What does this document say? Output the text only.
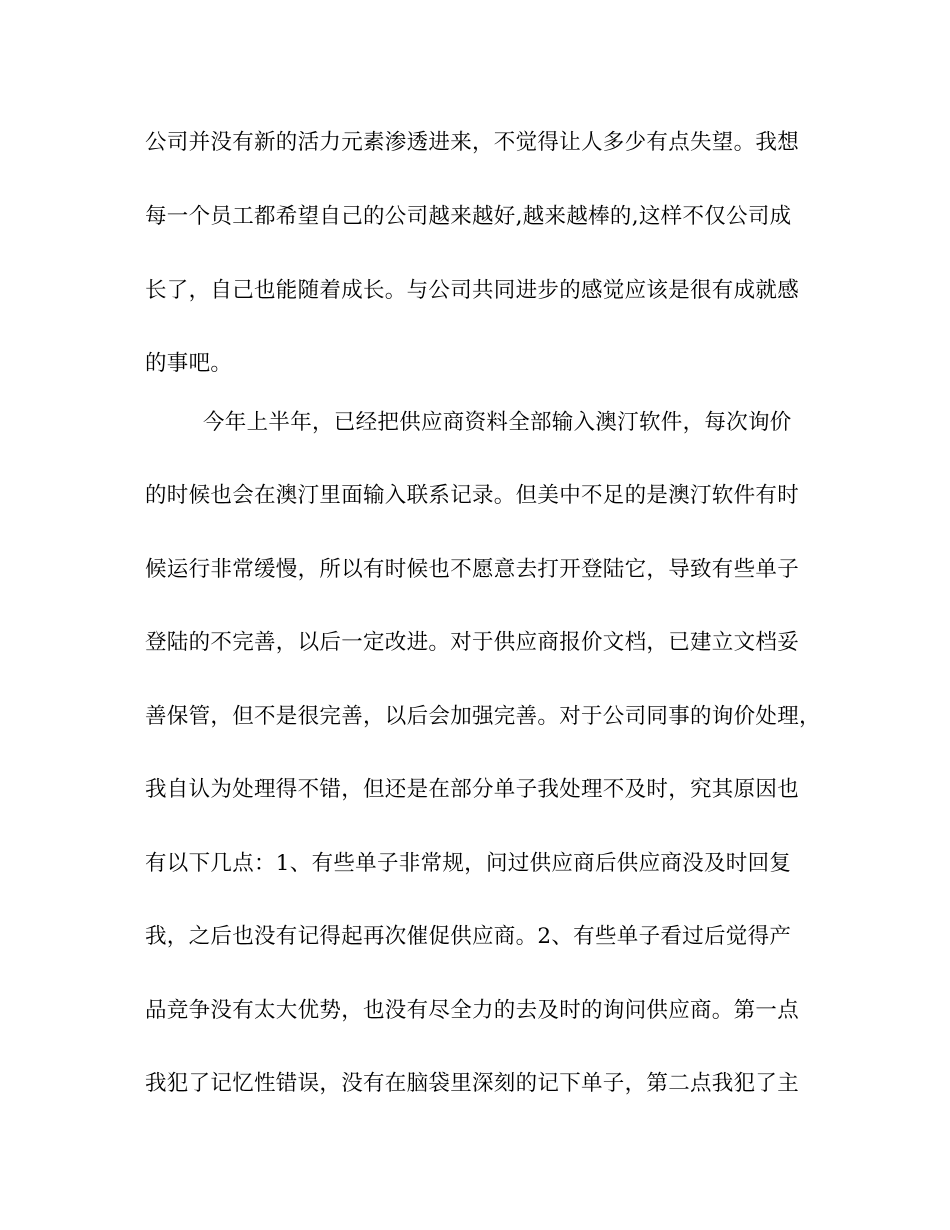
公司并没有新的活力元素渗透进来，不觉得让人多少有点失望。我想
每一个员工都希望自己的公司越来越好,越来越棒的,这样不仅公司成
长了，自己也能随着成长。与公司共同进步的感觉应该是很有成就感
的事吧。
今年上半年，已经把供应商资料全部输入澳汀软件，每次询价
的时候也会在澳汀里面输入联系记录。但美中不足的是澳汀软件有时
候运行非常缓慢，所以有时候也不愿意去打开登陆它，导致有些单子
登陆的不完善，以后一定改进。对于供应商报价文档，已建立文档妥
善保管，但不是很完善，以后会加强完善。对于公司同事的询价处理，
我自认为处理得不错，但还是在部分单子我处理不及时，究其原因也
有以下几点：1、有些单子非常规，问过供应商后供应商没及时回复
我，之后也没有记得起再次催促供应商。2、有些单子看过后觉得产
品竞争没有太大优势，也没有尽全力的去及时的询问供应商。第一点
我犯了记忆性错误，没有在脑袋里深刻的记下单子，第二点我犯了主
